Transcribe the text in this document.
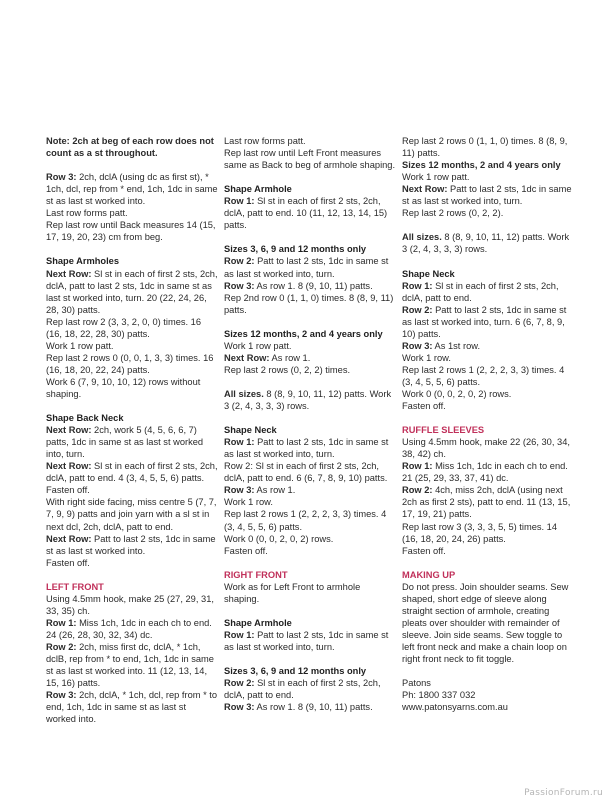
Note: 2ch at beg of each row does not count as a st throughout.

Row 3: 2ch, dclA (using dc as first st), * 1ch, dcl, rep from * end, 1ch, 1dc in same st as last st worked into.

Last row forms patt.

Rep last row until Back measures 14 (15, 17, 19, 20, 23) cm from beg.

Shape Armholes

Next Row: Sl st in each of first 2 sts, 2ch, dclA, patt to last 2 sts, 1dc in same st as last st worked into, turn. 20 (22, 24, 26, 28, 30) patts.

Rep last row 2 (3, 3, 2, 0, 0) times. 16 (16, 18, 22, 28, 30) patts.

Work 1 row patt.

Rep last 2 rows 0 (0, 0, 1, 3, 3) times. 16 (16, 18, 20, 22, 24) patts.

Work 6 (7, 9, 10, 10, 12) rows without shaping.

Shape Back Neck

Next Row: 2ch, work 5 (4, 5, 6, 6, 7) patts, 1dc in same st as last st worked into, turn.

Next Row: Sl st in each of first 2 sts, 2ch, dclA, patt to end. 4 (3, 4, 5, 5, 6) patts.

Fasten off.

With right side facing, miss centre 5 (7, 7, 7, 9, 9) patts and join yarn with a sl st in next dcl, 2ch, dclA, patt to end.

Next Row: Patt to last 2 sts, 1dc in same st as last st worked into.

Fasten off.

LEFT FRONT

Using 4.5mm hook, make 25 (27, 29, 31, 33, 35) ch.

Row 1: Miss 1ch, 1dc in each ch to end. 24 (26, 28, 30, 32, 34) dc.

Row 2: 2ch, miss first dc, dclA, * 1ch, dclB, rep from * to end, 1ch, 1dc in same st as last st worked into. 11 (12, 13, 14, 15, 16) patts.

Row 3: 2ch, dclA, * 1ch, dcl, rep from * to end, 1ch, 1dc in same st as last st worked into.

Last row forms patt.

Rep last row until Left Front measures same as Back to beg of armhole shaping.

Shape Armhole

Row 1: Sl st in each of first 2 sts, 2ch, dclA, patt to end. 10 (11, 12, 13, 14, 15) patts.

Sizes 3, 6, 9 and 12 months only

Row 2: Patt to last 2 sts, 1dc in same st as last st worked into, turn.

Row 3: As row 1. 8 (9, 10, 11) patts.

Rep 2nd row 0 (1, 1, 0) times. 8 (8, 9, 11) patts.

Sizes 12 months, 2 and 4 years only

Work 1 row patt.

Next Row: As row 1.

Rep last 2 rows (0, 2, 2) times.

All sizes. 8 (8, 9, 10, 11, 12) patts. Work 3 (2, 4, 3, 3, 3) rows.

Shape Neck

Row 1: Patt to last 2 sts, 1dc in same st as last st worked into, turn.

Row 2: Sl st in each of first 2 sts, 2ch, dclA, patt to end. 6 (6, 7, 8, 9, 10) patts.

Row 3: As row 1.

Work 1 row.

Rep last 2 rows 1 (2, 2, 2, 3, 3) times. 4 (3, 4, 5, 5, 6) patts.

Work 0 (0, 0, 2, 0, 2) rows.

Fasten off.

RIGHT FRONT

Work as for Left Front to armhole shaping.

Shape Armhole

Row 1: Patt to last 2 sts, 1dc in same st as last st worked into, turn.

Sizes 3, 6, 9 and 12 months only

Row 2: Sl st in each of first 2 sts, 2ch, dclA, patt to end.

Row 3: As row 1. 8 (9, 10, 11) patts.

Rep last 2 rows 0 (1, 1, 0) times. 8 (8, 9, 11) patts.

Sizes 12 months, 2 and 4 years only

Work 1 row patt.

Next Row: Patt to last 2 sts, 1dc in same st as last st worked into, turn.

Rep last 2 rows (0, 2, 2).

All sizes. 8 (8, 9, 10, 11, 12) patts. Work 3 (2, 4, 3, 3, 3) rows.

Shape Neck

Row 1: Sl st in each of first 2 sts, 2ch, dclA, patt to end.

Row 2: Patt to last 2 sts, 1dc in same st as last st worked into, turn. 6 (6, 7, 8, 9, 10) patts.

Row 3: As 1st row.

Work 1 row.

Rep last 2 rows 1 (2, 2, 2, 3, 3) times. 4 (3, 4, 5, 5, 6) patts.

Work 0 (0, 0, 2, 0, 2) rows.

Fasten off.

RUFFLE SLEEVES

Using 4.5mm hook, make 22 (26, 30, 34, 38, 42) ch.

Row 1: Miss 1ch, 1dc in each ch to end. 21 (25, 29, 33, 37, 41) dc.

Row 2: 4ch, miss 2ch, dclA (using next 2ch as first 2 sts), patt to end. 11 (13, 15, 17, 19, 21) patts.

Rep last row 3 (3, 3, 3, 5, 5) times. 14 (16, 18, 20, 24, 26) patts.

Fasten off.

MAKING UP

Do not press. Join shoulder seams. Sew shaped, short edge of sleeve along straight section of armhole, creating pleats over shoulder with remainder of sleeve. Join side seams. Sew toggle to left front neck and make a chain loop on right front neck to fit toggle.

Patons

Ph: 1800 337 032

www.patonsyarns.com.au

PassionForum.ru
